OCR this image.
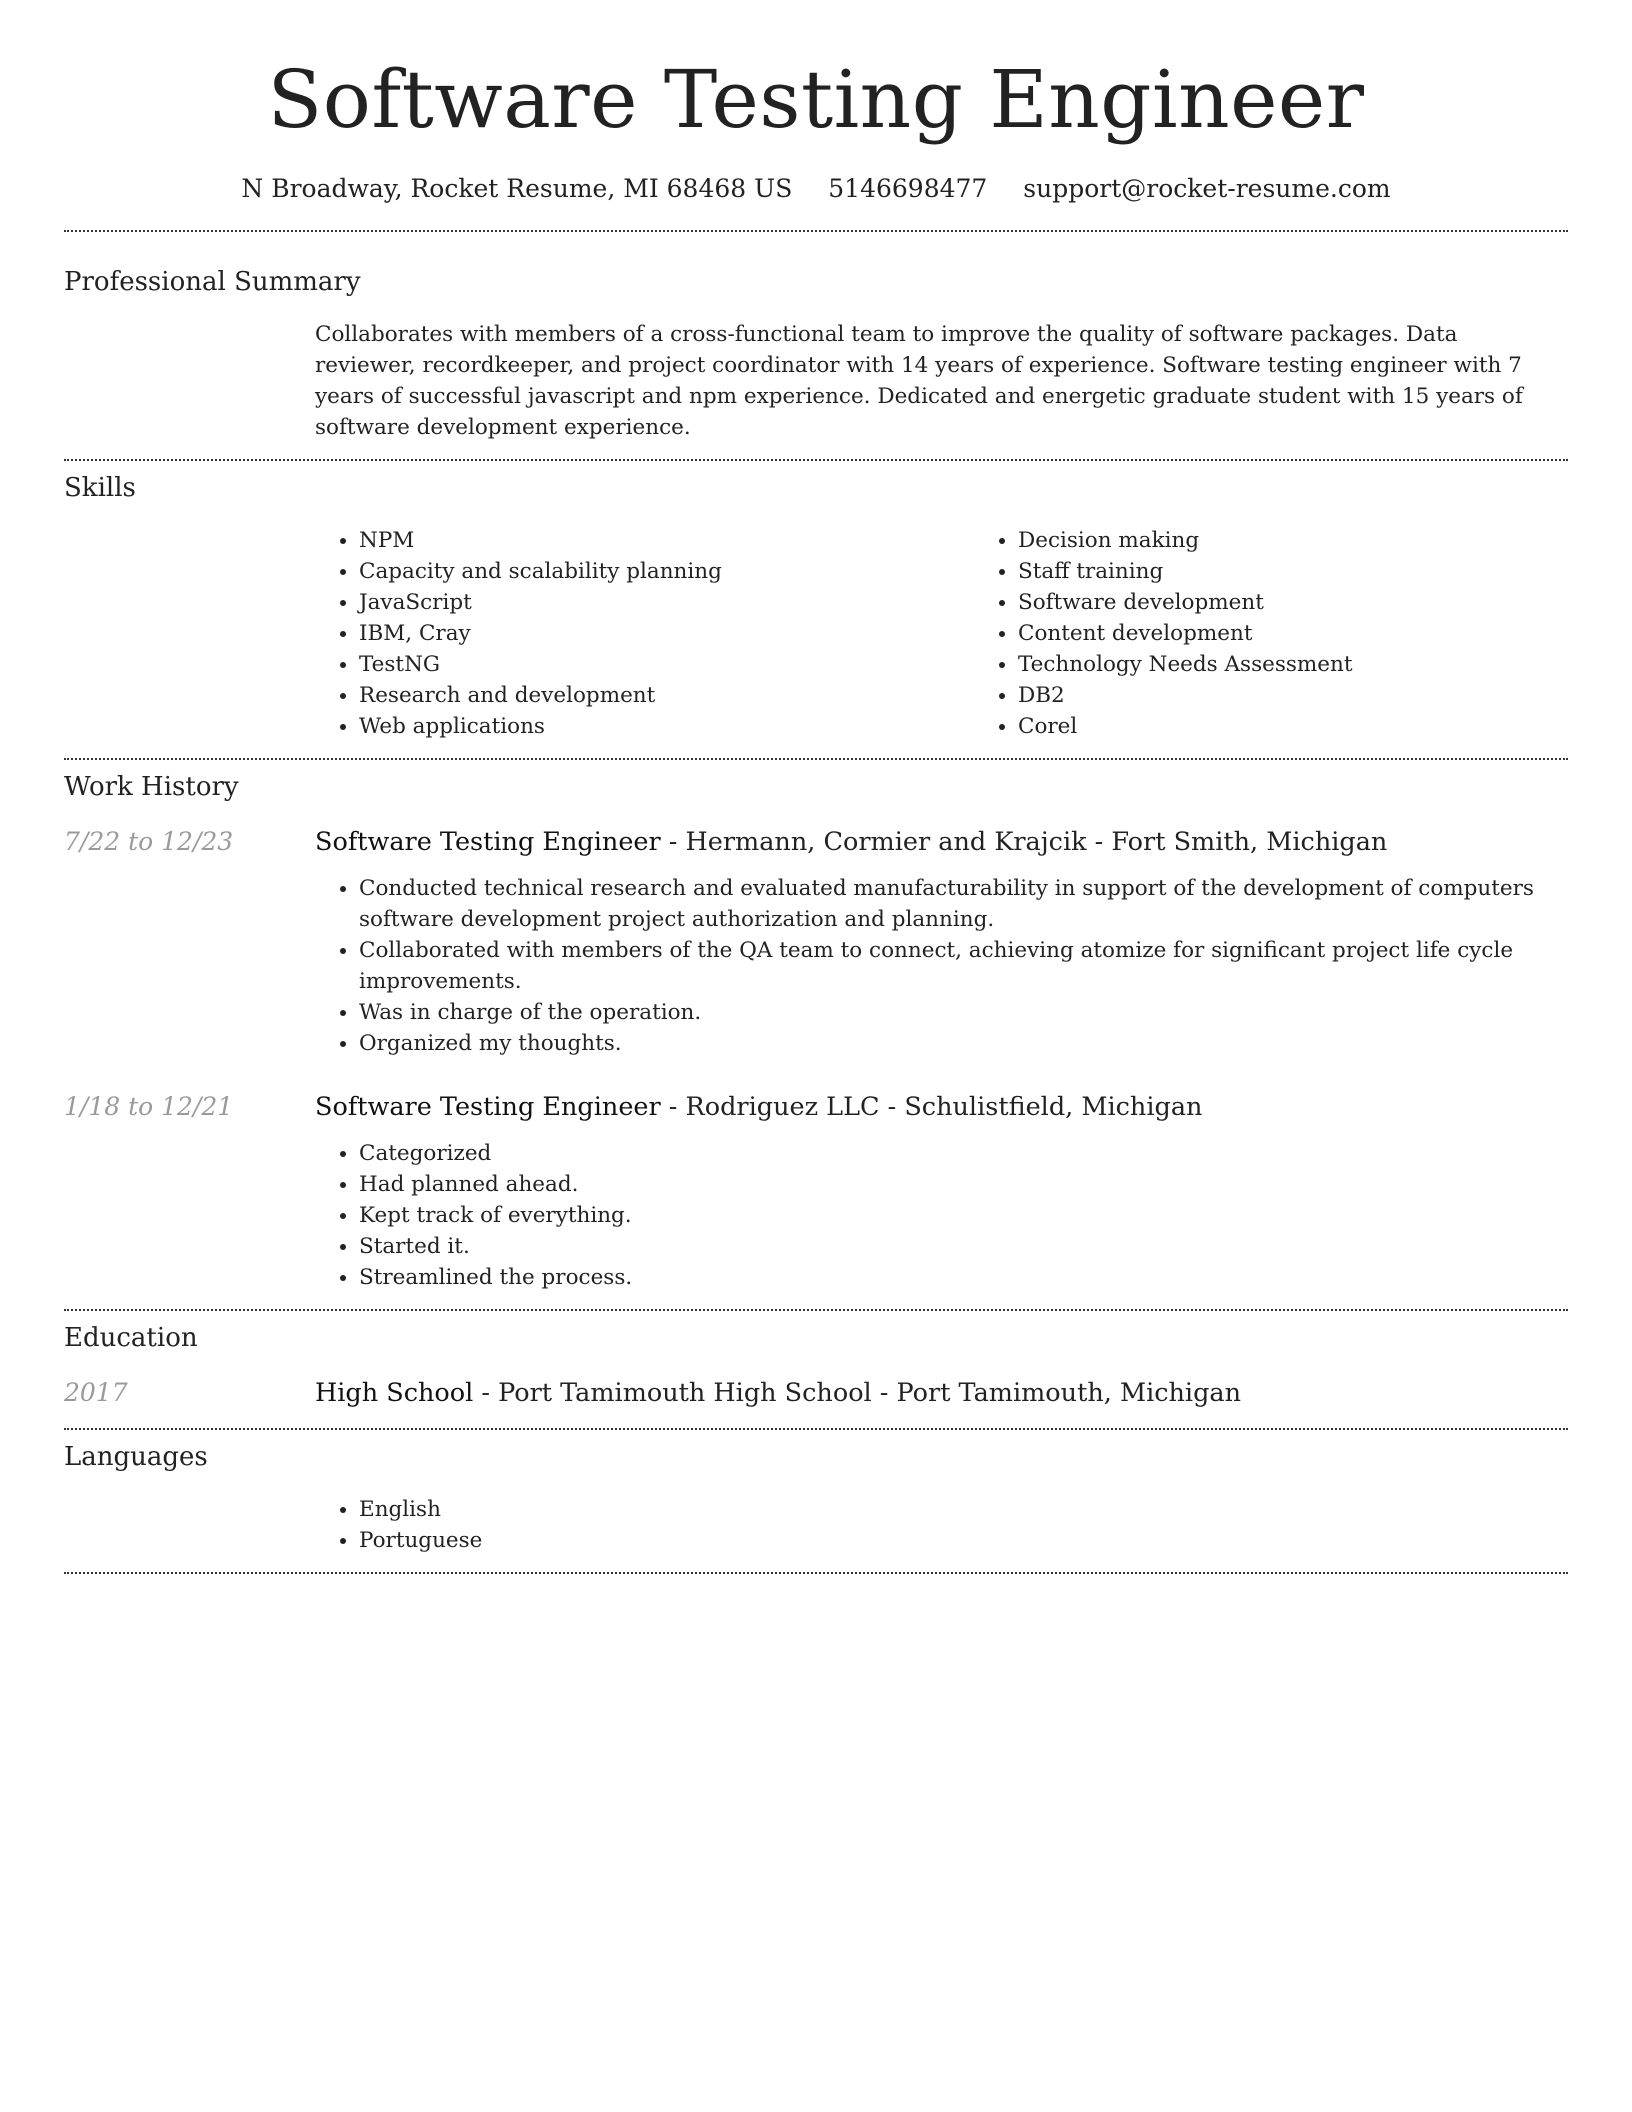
Software Testing Engineer
N Broadway, Rocket Resume, MI 68468 US 5146698477 support@rocket-resume.com
Professional Summary

Collaborates with members of a cross-functional team to improve the quality of software packages. Data reviewer, recordkeeper, and project coordinator with 14 years of experience. Software testing engineer with 7 years of successful javascript and npm experience. Dedicated and energetic graduate student with 15 years of software development experience.

Skills
• NPM
• Capacity and scalability planning
• JavaScript
• IBM, Cray
• TestNG
• Research and development
• Web applications
• Decision making
• Staff training
• Software development
• Content development
• Technology Needs Assessment
• DB2
• Corel
Work History
7/22 to 12/23	Software Testing Engineer - Hermann, Cormier and Krajcik - Fort Smith, Michigan
• Conducted technical research and evaluated manufacturability in support of the development of computers software development project authorization and planning.
• Collaborated with members of the QA team to connect, achieving atomize for significant project life cycle improvements.
• Was in charge of the operation.
• Organized my thoughts.
1/18 to 12/21	Software Testing Engineer - Rodriguez LLC - Schulistfield, Michigan
• Categorized
• Had planned ahead.
• Kept track of everything.
• Started it.
• Streamlined the process.
Education
2017	High School - Port Tamimouth High School - Port Tamimouth, Michigan
Languages
• English
• Portuguese
